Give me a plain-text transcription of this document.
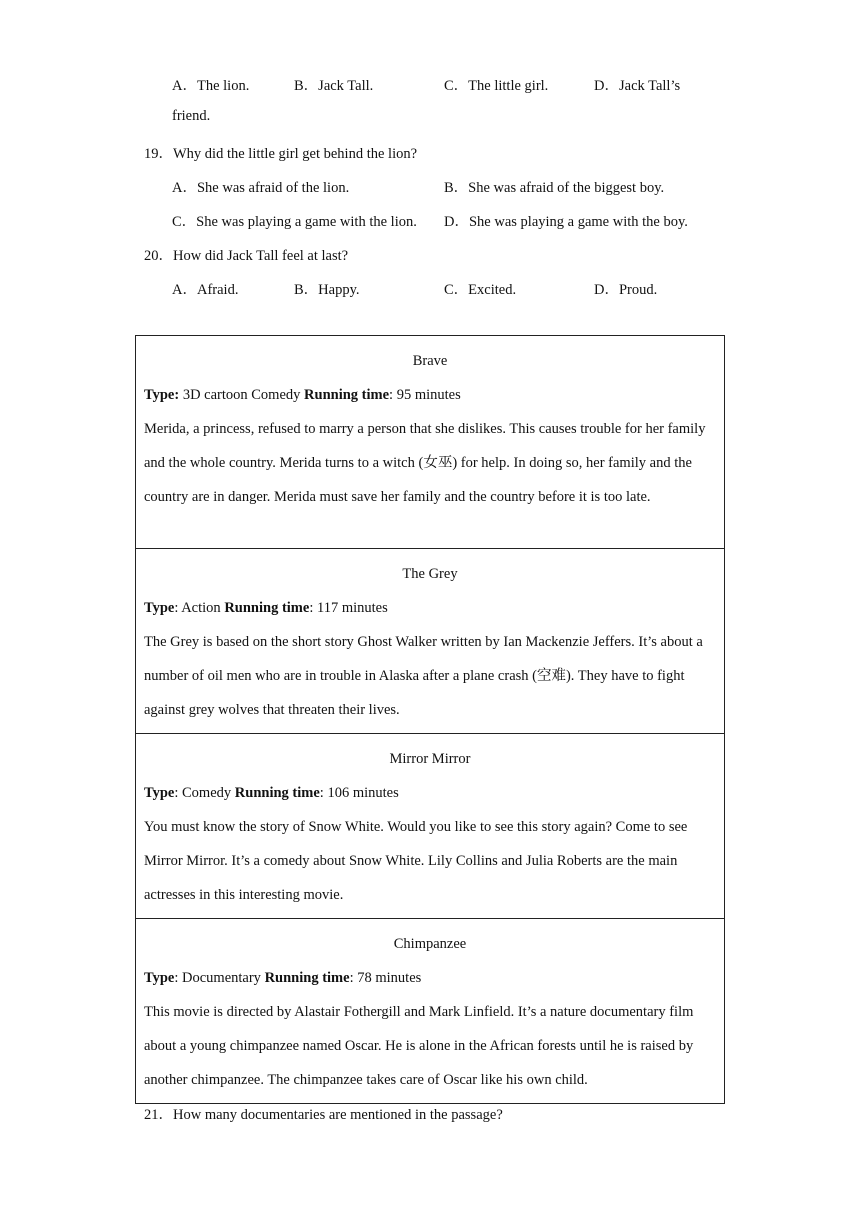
A．The lion.	B．Jack Tall.	C．The little girl.	D．Jack Tall’s
friend.
19．Why did the little girl get behind the lion?
A．She was afraid of the lion.	B．She was afraid of the biggest boy.
C．She was playing a game with the lion. D．She was playing a game with the boy.
20．How did Jack Tall feel at last?
A．Afraid.	B．Happy.	C．Excited.	D．Proud.
Brave
Type: 3D cartoon Comedy Running time: 95 minutes
Merida, a princess, refused to marry a person that she dislikes. This causes trouble for her family and the whole country. Merida turns to a witch (女巫) for help. In doing so, her family and the country are in danger. Merida must save her family and the country before it is too late.

The Grey
Type: Action Running time: 117 minutes
The Grey is based on the short story Ghost Walker written by Ian Mackenzie Jeffers. It’s about a number of oil men who are in trouble in Alaska after a plane crash (空难). They have to fight against grey wolves that threaten their lives.

Mirror Mirror
Type: Comedy Running time: 106 minutes
You must know the story of Snow White. Would you like to see this story again? Come to see Mirror Mirror. It’s a comedy about Snow White. Lily Collins and Julia Roberts are the main actresses in this interesting movie.

Chimpanzee
Type: Documentary Running time: 78 minutes
This movie is directed by Alastair Fothergill and Mark Linfield. It’s a nature documentary film about a young chimpanzee named Oscar. He is alone in the African forests until he is raised by another chimpanzee. The chimpanzee takes care of Oscar like his own child.
21．How many documentaries are mentioned in the passage?
